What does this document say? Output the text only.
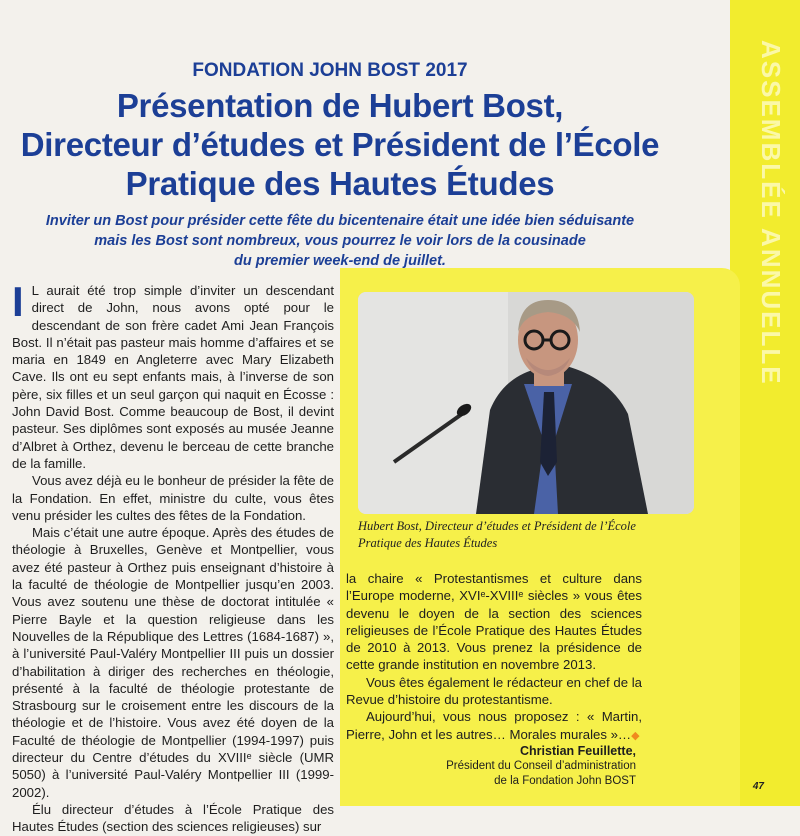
ASSEMBLÉE ANNUELLE
FONDATION JOHN BOST 2017
Présentation de Hubert Bost,
Directeur d’études et Président de l’École
Pratique des Hautes Études

Inviter un Bost pour présider cette fête du bicentenaire était une idée bien séduisante
mais les Bost sont nombreux, vous pourrez le voir lors de la cousinade
du premier week-end de juillet.

I L aurait été trop simple d’inviter un descendant direct de John, nous avons opté pour le descendant de son frère cadet Ami Jean François Bost. Il n’était pas pasteur mais homme d’affaires et se maria en 1849 en Angleterre avec Mary Elizabeth Cave. Ils ont eu sept enfants mais, à l’inverse de son père, six filles et un seul garçon qui naquit en Écosse : John David Bost. Comme beaucoup de Bost, il devint pasteur. Ses diplômes sont exposés au musée Jeanne d’Albret à Orthez, devenu le berceau de cette branche de la famille.

Vous avez déjà eu le bonheur de présider la fête de la Fondation. En effet, ministre du culte, vous êtes venu présider les cultes des fêtes de la Fondation.

Mais c’était une autre époque. Après des études de théologie à Bruxelles, Genève et Montpellier, vous avez été pasteur à Orthez puis enseignant d’histoire à la faculté de théologie de Montpellier jusqu’en 2003. Vous avez soutenu une thèse de doctorat intitulée « Pierre Bayle et la question religieuse dans les Nouvelles de la République des Lettres (1684-1687) », à l’université Paul-Valéry Montpellier III puis un dossier d’habilitation à diriger des recherches en théologie, présenté à la faculté de théologie protestante de Strasbourg sur le croisement entre les discours de la théologie et de l’histoire. Vous avez été doyen de la Faculté de théologie de Montpellier (1994-1997) puis directeur du Centre d’études du XVIIIᵉ siècle (UMR 5050) à l’université Paul-Valéry Montpellier III (1999-2002).

Élu directeur d’études à l’École Pratique des Hautes Études (section des sciences religieuses) sur

Hubert Bost, Directeur d’études et Président de l’École
Pratique des Hautes Études

la chaire « Protestantismes et culture dans l’Europe moderne, XVIᵉ-XVIIIᵉ siècles » vous êtes devenu le doyen de la section des sciences religieuses de l’École Pratique des Hautes Études de 2010 à 2013. Vous prenez la présidence de cette grande institution en novembre 2013.

Vous êtes également le rédacteur en chef de la Revue d’histoire du protestantisme.

Aujourd’hui, vous nous proposez : « Martin, Pierre, John et les autres… Morales murales »…◆

Christian Feuillette,
Président du Conseil d’administration
de la Fondation John BOST	47
